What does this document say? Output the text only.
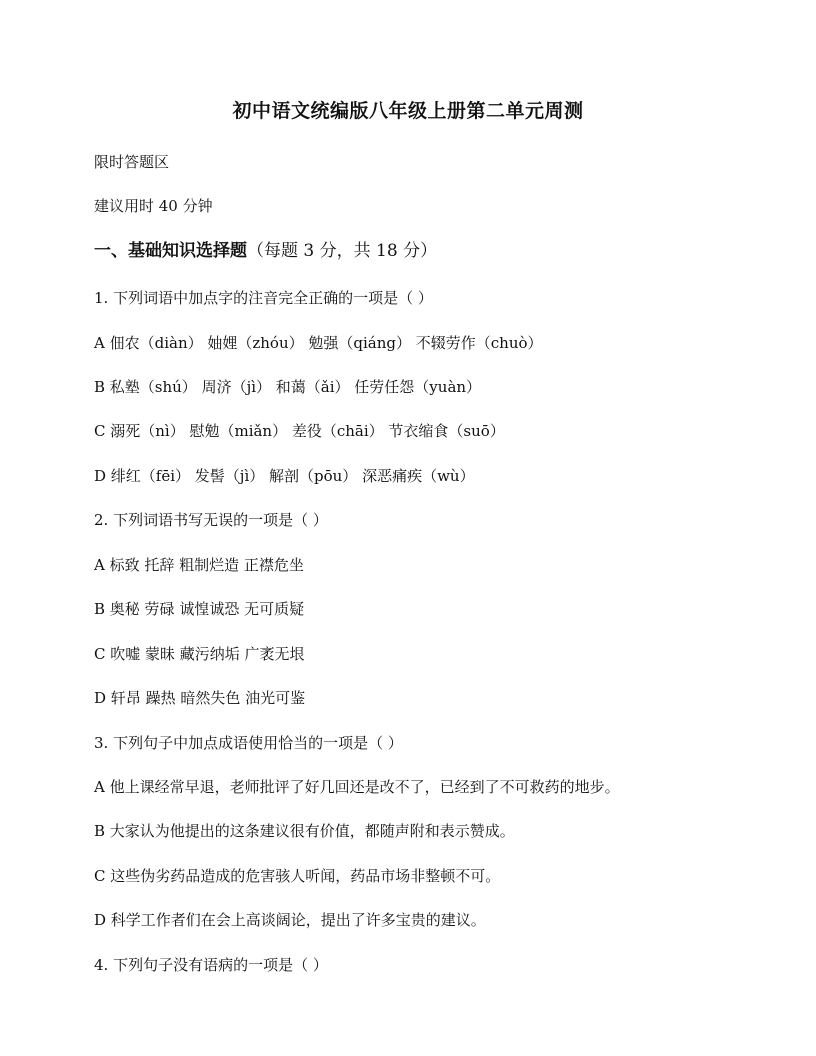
初中语文统编版八年级上册第二单元周测
限时答题区
建议用时 40 分钟
一、基础知识选择题（每题 3 分，共 18 分）
1. 下列词语中加点字的注音完全正确的一项是（ ）
A 佃农（diàn） 妯娌（zhóu） 勉强（qiáng） 不辍劳作（chuò）
B 私塾（shú） 周济（jì） 和蔼（ǎi） 任劳任怨（yuàn）
C 溺死（nì） 慰勉（miǎn） 差役（chāi） 节衣缩食（suō）
D 绯红（fēi） 发髻（jì） 解剖（pōu） 深恶痛疾（wù）
2. 下列词语书写无误的一项是（ ）
A 标致 托辞 粗制烂造 正襟危坐
B 奥秘 劳碌 诚惶诚恐 无可质疑
C 吹嘘 蒙昧 藏污纳垢 广袤无垠
D 轩昂 躁热 暗然失色 油光可鉴
3. 下列句子中加点成语使用恰当的一项是（ ）
A 他上课经常早退，老师批评了好几回还是改不了，已经到了不可救药的地步。
B 大家认为他提出的这条建议很有价值，都随声附和表示赞成。
C 这些伪劣药品造成的危害骇人听闻，药品市场非整顿不可。
D 科学工作者们在会上高谈阔论，提出了许多宝贵的建议。
4. 下列句子没有语病的一项是（ ）
